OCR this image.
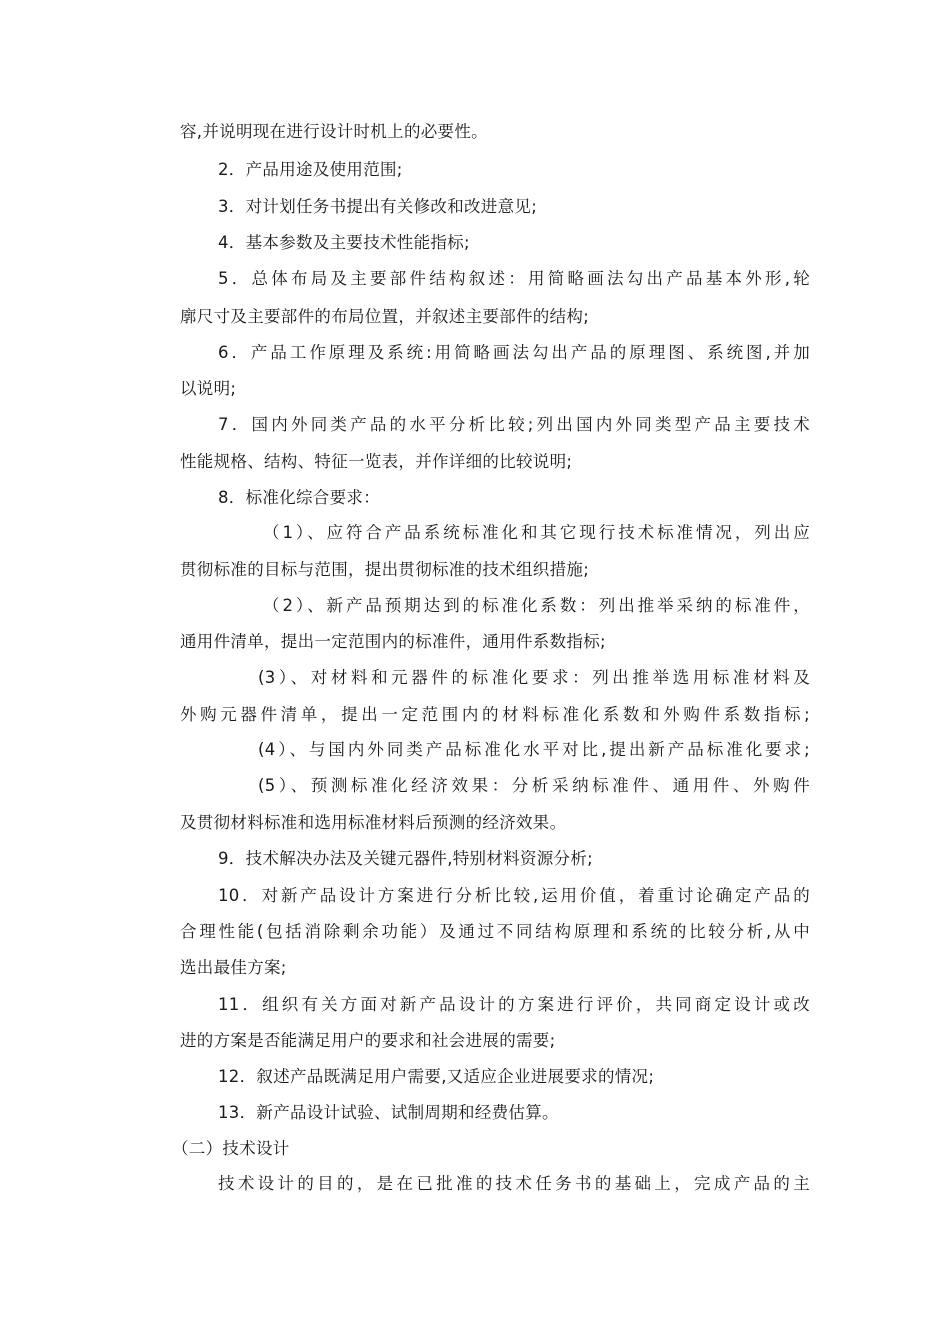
容,并说明现在进行设计时机上的必要性。
2．产品用途及使用范围;
3．对计划任务书提出有关修改和改进意见;
4．基本参数及主要技术性能指标;
5．总体布局及主要部件结构叙述：用简略画法勾出产品基本外形,轮
廓尺寸及主要部件的布局位置，并叙述主要部件的结构;
6．产品工作原理及系统:用简略画法勾出产品的原理图、系统图,并加
以说明;
7．国内外同类产品的水平分析比较;列出国内外同类型产品主要技术
性能规格、结构、特征一览表，并作详细的比较说明;
8．标准化综合要求：
（1）、应符合产品系统标准化和其它现行技术标准情况，列出应
贯彻标准的目标与范围，提出贯彻标准的技术组织措施;
（2）、新产品预期达到的标准化系数：列出推举采纳的标准件，
通用件清单，提出一定范围内的标准件，通用件系数指标;
(3）、对材料和元器件的标准化要求：列出推举选用标准材料及
外购元器件清单，提出一定范围内的材料标准化系数和外购件系数指标;
(4）、与国内外同类产品标准化水平对比,提出新产品标准化要求;
(5）、预测标准化经济效果：分析采纳标准件、通用件、外购件
及贯彻材料标准和选用标准材料后预测的经济效果。
9．技术解决办法及关键元器件,特别材料资源分析;
10．对新产品设计方案进行分析比较,运用价值，着重讨论确定产品的
合理性能(包括消除剩余功能）及通过不同结构原理和系统的比较分析,从中
选出最佳方案;
11．组织有关方面对新产品设计的方案进行评价，共同商定设计或改
进的方案是否能满足用户的要求和社会进展的需要;
12．叙述产品既满足用户需要,又适应企业进展要求的情况;
13．新产品设计试验、试制周期和经费估算。
（二）技术设计
技术设计的目的，是在已批准的技术任务书的基础上，完成产品的主
